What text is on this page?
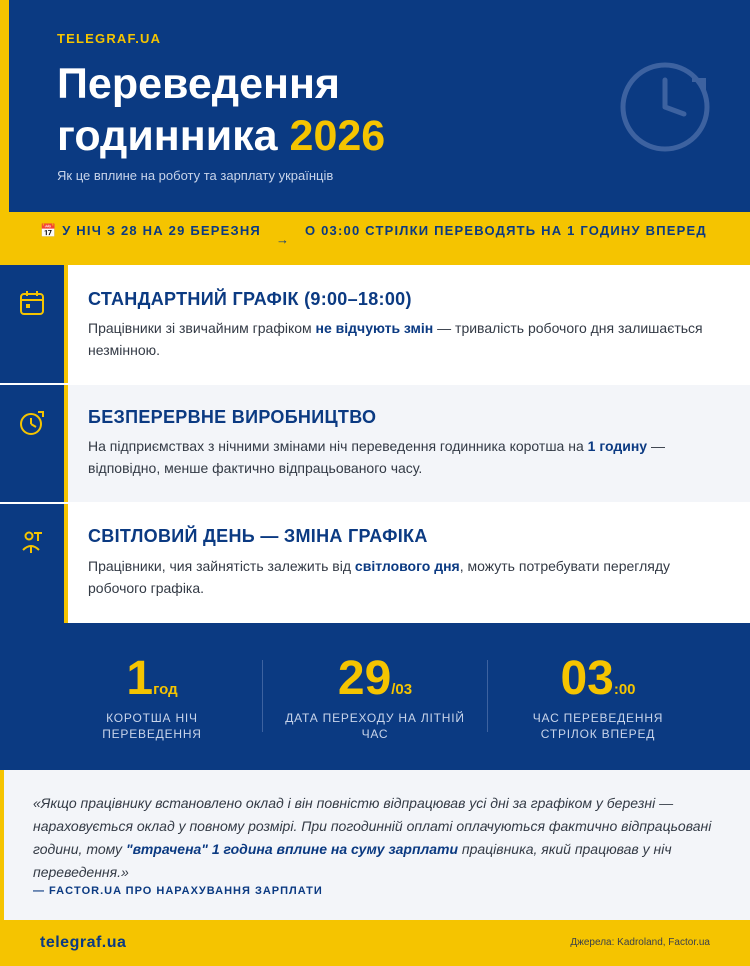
TELEGRAF.UA
Переведення
годинника 2026
Як це вплине на роботу та зарплату українців
📅 У НІЧ З 28 НА 29 БЕРЕЗНЯ
→
О 03:00 СТРІЛКИ ПЕРЕВОДЯТЬ НА 1 ГОДИНУ ВПЕРЕД
СТАНДАРТНИЙ ГРАФІК (9:00–18:00)

Працівники зі звичайним графіком не відчують змін — тривалість робочого дня залишається незмінною.

БЕЗПЕРЕРВНЕ ВИРОБНИЦТВО

На підприємствах з нічними змінами ніч переведення годинника коротша на 1 годину — відповідно, менше фактично відпрацьованого часу.

СВІТЛОВИЙ ДЕНЬ — ЗМІНА ГРАФІКА

Працівники, чия зайнятість залежить від світлового дня, можуть потребувати перегляду робочого графіка.

1год
КОРОТША НІЧ ПЕРЕВЕДЕННЯ
29/03
ДАТА ПЕРЕХОДУ НА ЛІТНІЙ ЧАС
03:00
ЧАС ПЕРЕВЕДЕННЯ СТРІЛОК ВПЕРЕД
«Якщо працівнику встановлено оклад і він повністю відпрацював усі дні за графіком у березні — нараховується оклад у повному розмірі. При погодинній оплаті оплачуються фактично відпрацьовані години, тому "втрачена" 1 година вплине на суму зарплати працівника, який працював у ніч переведення.»
— FACTOR.UA ПРО НАРАХУВАННЯ ЗАРПЛАТИ
telegraf.ua	Джерела: Kadroland, Factor.ua
